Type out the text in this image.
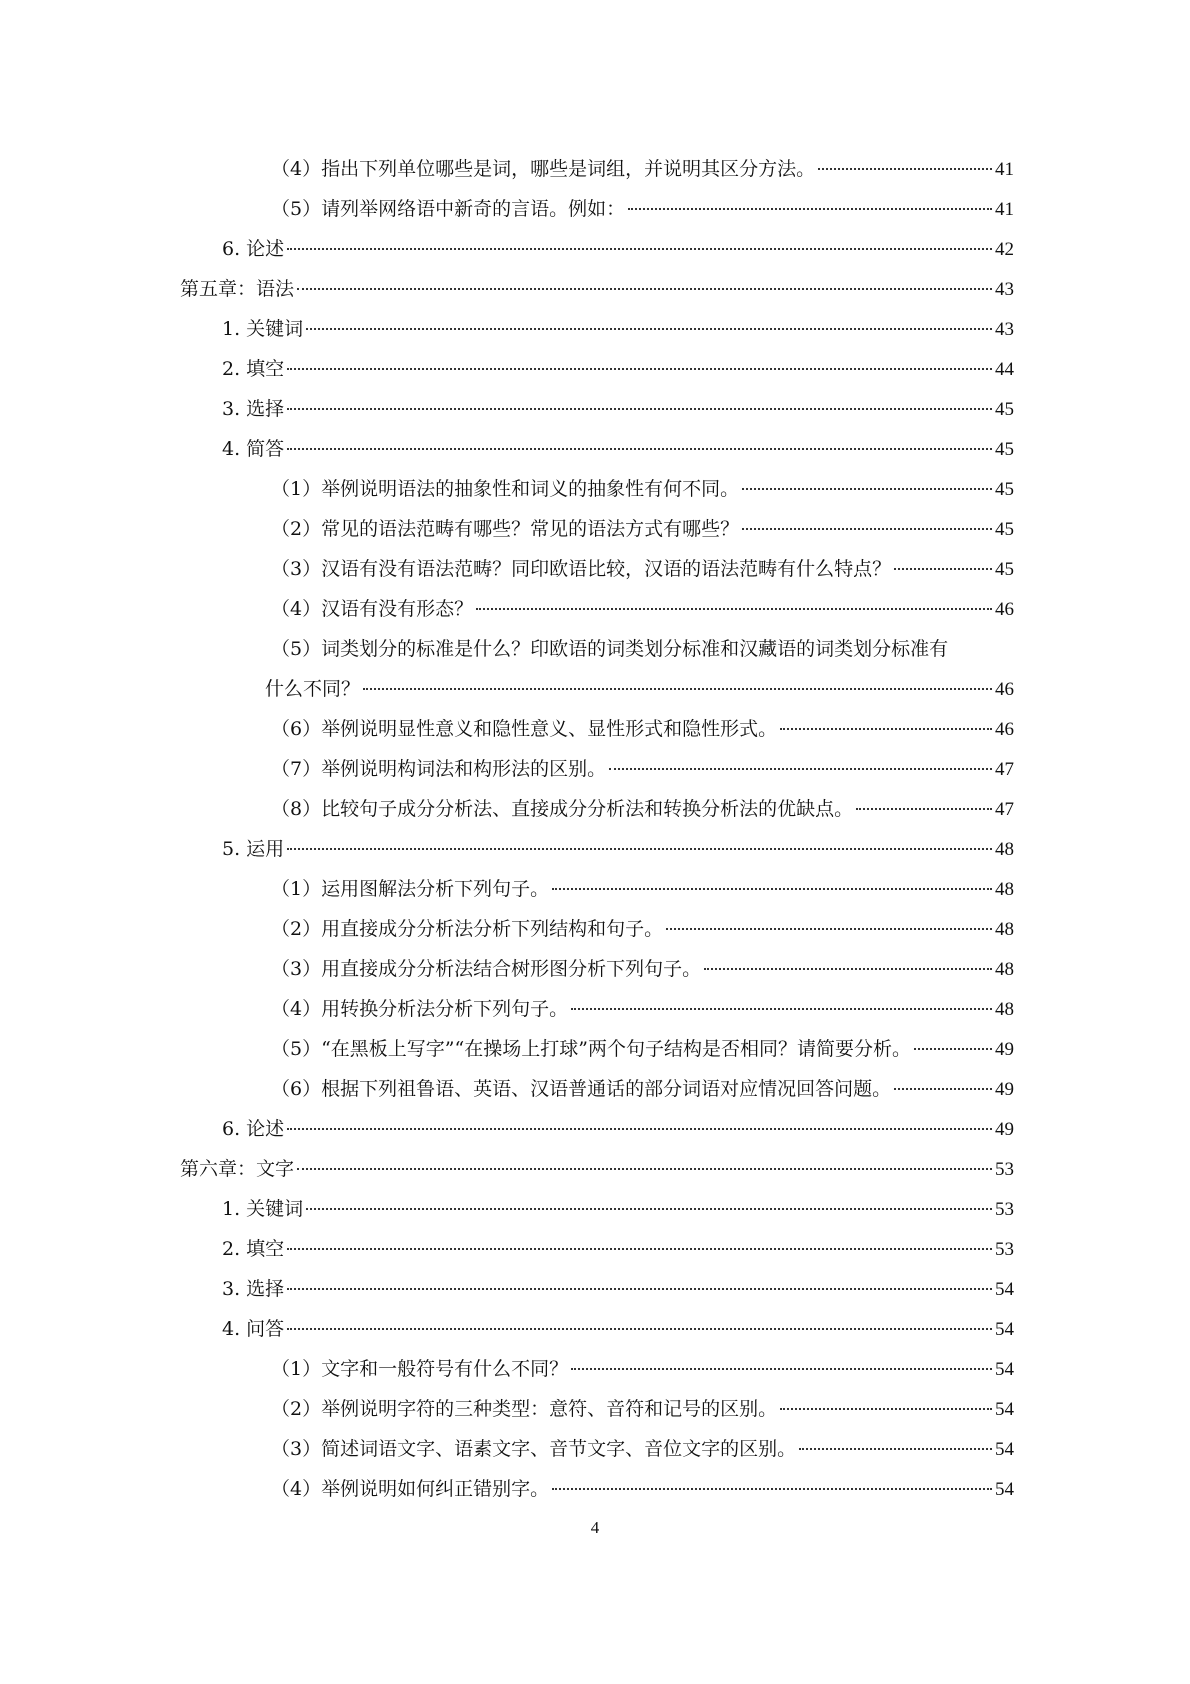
（4）指出下列单位哪些是词，哪些是词组，并说明其区分方法。	41
（5）请列举网络语中新奇的言语。例如：	41
6. 论述	42
第五章：语法	43
1. 关键词	43
2. 填空	44
3. 选择	45
4. 简答	45
（1）举例说明语法的抽象性和词义的抽象性有何不同。	45
（2）常见的语法范畴有哪些？常见的语法方式有哪些？	45
（3）汉语有没有语法范畴？同印欧语比较，汉语的语法范畴有什么特点？	45
（4）汉语有没有形态？	46
（5）词类划分的标准是什么？印欧语的词类划分标准和汉藏语的词类划分标准有
什么不同？	46
（6）举例说明显性意义和隐性意义、显性形式和隐性形式。	46
（7）举例说明构词法和构形法的区别。	47
（8）比较句子成分分析法、直接成分分析法和转换分析法的优缺点。	47
5. 运用	48
（1）运用图解法分析下列句子。	48
（2）用直接成分分析法分析下列结构和句子。	48
（3）用直接成分分析法结合树形图分析下列句子。	48
（4）用转换分析法分析下列句子。	48
（5）“在黑板上写字”“在操场上打球”两个句子结构是否相同？请简要分析。	49
（6）根据下列祖鲁语、英语、汉语普通话的部分词语对应情况回答问题。	49
6. 论述	49
第六章：文字	53
1. 关键词	53
2. 填空	53
3. 选择	54
4. 问答	54
（1）文字和一般符号有什么不同？	54
（2）举例说明字符的三种类型：意符、音符和记号的区别。	54
（3）简述词语文字、语素文字、音节文字、音位文字的区别。	54
（4）举例说明如何纠正错别字。	54
4
